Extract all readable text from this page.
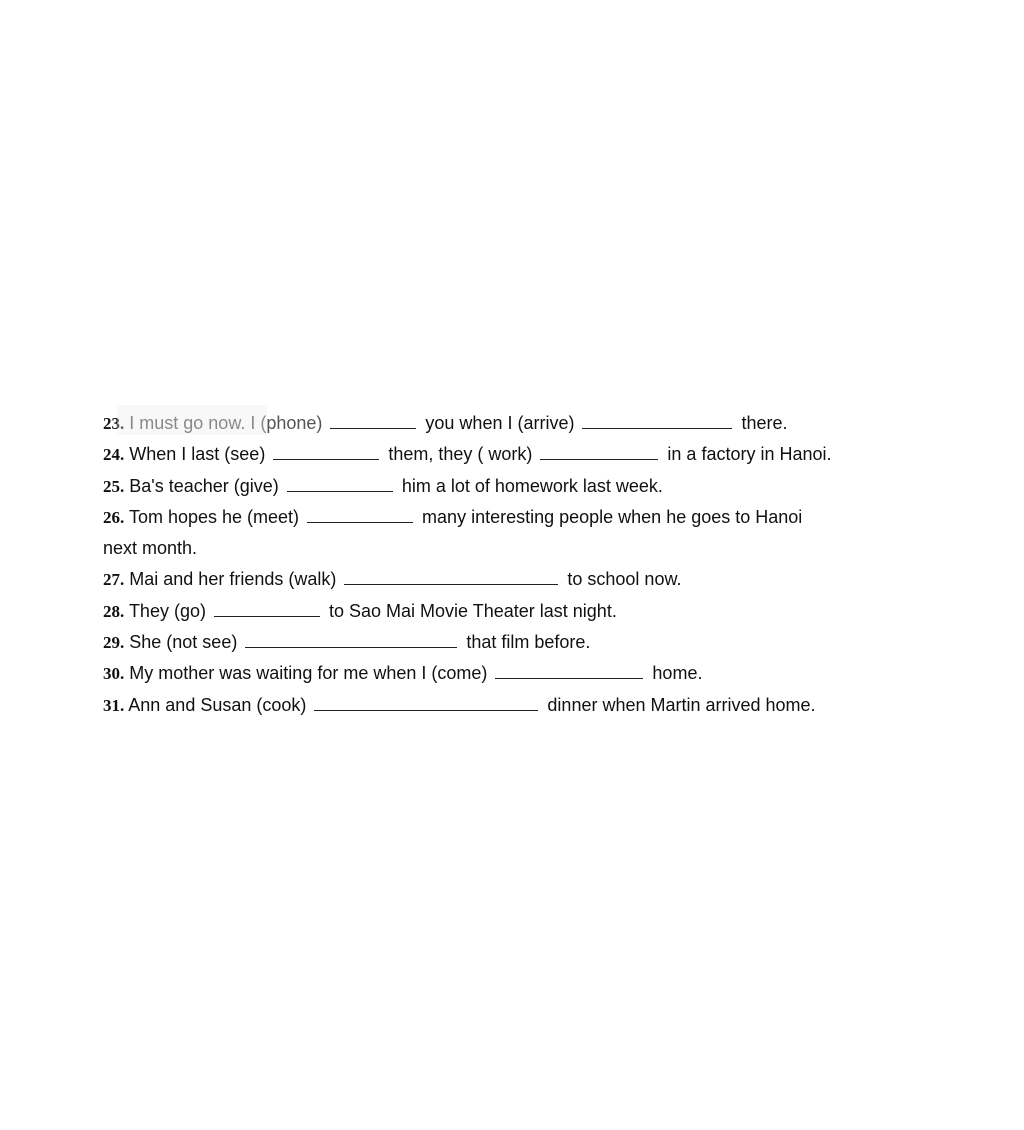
23. I must go now. I (phone)	you when I (arrive)	there.
24. When I last (see)	them, they ( work)	in a factory in Hanoi.
25. Ba's teacher (give)	him a lot of homework last week.
26. Tom hopes he (meet)	many interesting people when he goes to Hanoi
next month.
27. Mai and her friends (walk)	to school now.
28. They (go)	to Sao Mai Movie Theater last night.
29. She (not see)	that film before.
30. My mother was waiting for me when I (come)	home.
31. Ann and Susan (cook)	dinner when Martin arrived home.
